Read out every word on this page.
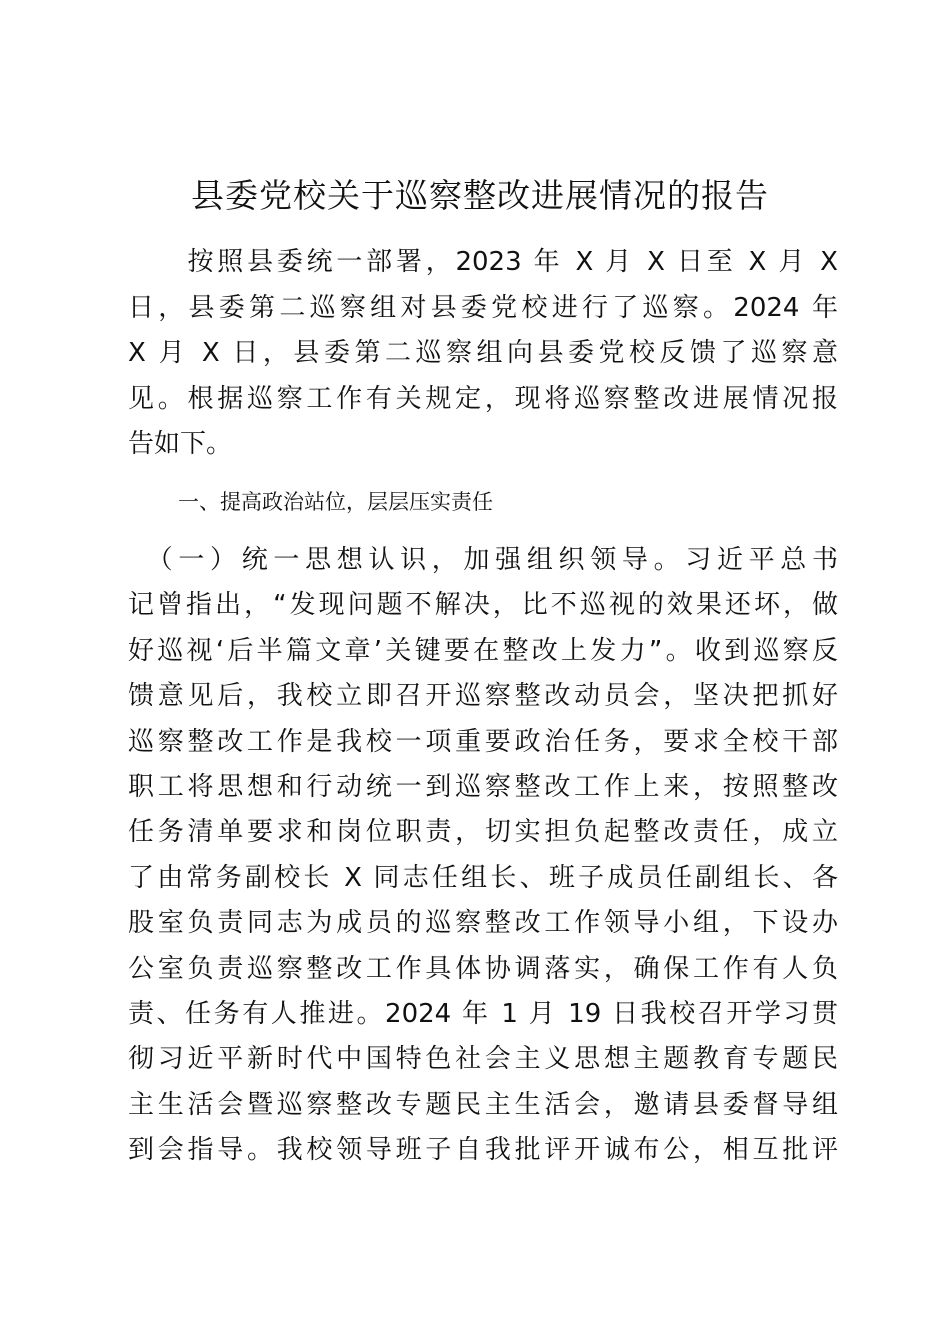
县委党校关于巡察整改进展情况的报告
　　按照县委统一部署，2023 年 X 月 X 日至 X 月 X
日，县委第二巡察组对县委党校进行了巡察。2024 年
X 月 X 日，县委第二巡察组向县委党校反馈了巡察意
见。根据巡察工作有关规定，现将巡察整改进展情况报
告如下。
一、提高政治站位，层层压实责任
　（一）统一思想认识，加强组织领导。习近平总书
记曾指出，“发现问题不解决，比不巡视的效果还坏，做
好巡视‘后半篇文章’关键要在整改上发力”。收到巡察反
馈意见后，我校立即召开巡察整改动员会，坚决把抓好
巡察整改工作是我校一项重要政治任务，要求全校干部
职工将思想和行动统一到巡察整改工作上来，按照整改
任务清单要求和岗位职责，切实担负起整改责任，成立
了由常务副校长 X 同志任组长、班子成员任副组长、各
股室负责同志为成员的巡察整改工作领导小组，下设办
公室负责巡察整改工作具体协调落实，确保工作有人负
责、任务有人推进。2024 年 1 月 19 日我校召开学习贯
彻习近平新时代中国特色社会主义思想主题教育专题民
主生活会暨巡察整改专题民主生活会，邀请县委督导组
到会指导。我校领导班子自我批评开诚布公，相互批评
